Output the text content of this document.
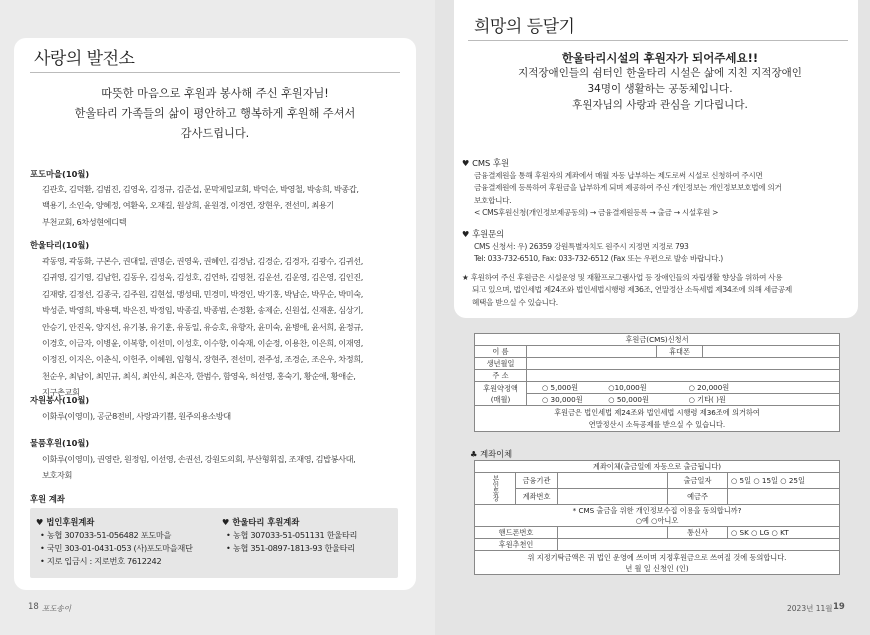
사랑의 발전소
따뜻한 마음으로 후원과 봉사해 주신 후원자님!
한울타리 가족들의 삶이 평안하고 행복하게 후원해 주셔서
감사드립니다.
포도마을(10월)
김관호, 김덕환, 김범진, 김영욱, 김정규, 김준섭, 문막제일교회, 박덕순, 박영철, 박송희, 박종갑,
백용기, 소인숙, 양혜정, 여환욱, 오재길, 원상희, 윤원경, 이경연, 장현우, 전선미, 최용기
부천교회, 6차성현에디텍
한울타리(10월)
곽동영, 곽동화, 구본수, 권대일, 권명순, 권영욱, 권혜인, 김경남, 김경순, 김경자, 김광수, 김귀선,
김귀영, 김기영, 김남헌, 김동우, 김성욱, 김성호, 김연하, 김영천, 김운선, 김운영, 김은영, 김인진,
김재량, 김정선, 김종국, 김주원, 김현섭, 맹성태, 민경미, 박경인, 박기홍, 박남순, 박무순, 박미숙,
박성준, 박영희, 박용택, 박은진, 박정임, 박종길, 박종범, 손정환, 송제순, 신원섭, 신재훈, 심상기,
안승기, 안진욱, 양지선, 유기봉, 유기훈, 유동일, 유승호, 유향자, 윤미숙, 윤병애, 윤서희, 윤정규,
이경호, 이금자, 이병윤, 이복향, 이선미, 이성호, 이수향, 이숙재, 이순정, 이용찬, 이은희, 이재영,
이정진, 이지은, 이춘식, 이헌주, 이혜원, 임형식, 장현주, 전선미, 전주성, 조경순, 조은우, 차정희,
천순우, 최남이, 최민규, 최식, 최안식, 최은자, 한범수, 함영욱, 허선영, 홍숙기, 황순애, 황애순,
지구촌교회
자원봉사(10월)
이화루(이영미), 공군8전비, 사랑과기쁨, 원주의용소방대
물품후원(10월)
이화루(이영미), 권영란, 원정임, 이선영, 손권선, 강원도의회, 부산형휘집, 조재영, 김밥봉사대,
보호자회
후원 계좌
♥ 법인후원계좌
• 농협 307033-51-056482 포도마을
• 국민 303-01-0431-053 (사)포도마을재단
• 지로 입금시 : 지로번호 7612242
♥ 한울타리 후원계좌
• 농협 307033-51-051131 한울타리
• 농협 351-0897-1813-93 한울타리
18 포도송이
희망의 등달기
한울타리시설의 후원자가 되어주세요!!
지적장애인들의 쉼터인 한울타리 시설은 삶에 지친 지적장애인
34명이 생활하는 공동체입니다.
후원자님의 사랑과 관심을 기다립니다.
♥ CMS 후원
금융결제원을 통해 후원자의 계좌에서 매월 자동 납부하는 제도로써 시설로 신청하여 주시면
금융결제원에 등록하여 후원금을 납부하게 되며 제공하여 주신 개인정보는 개인정보보호법에 의거
보호합니다.
< CMS후원신청(개인정보제공동의) → 금융결제원등록 → 출금 → 시설후원 >
♥ 후원문의
CMS 신청서: 우) 26359 강원특별자치도 원주시 지정면 지정로 793
Tel: 033-732-6510, Fax: 033-732-6512 (Fax 또는 우편으로 발송 바랍니다.)
★ 후원하여 주신 후원금은 시설운영 및 재활프로그램사업 등 장애인들의 자립생활 향상을 위하여 사용
되고 있으며, 법인세법 제24조와 법인세법시행령 제36조, 연말정산 소득세법 제34조에 의해 세금공제
혜택을 받으실 수 있습니다.
후원금(CMS)신청서			
이 름		휴대폰	
생년월일			
주 소			

후원약정액
(매월)	○ 5,000원 ○10,000원 ○ 20,000원		
	○ 30,000원 ○ 50,000원 ○ 기타( )원		

후원금은 법인세법 제24조와 법인세법 시행령 제36조에 의거하여
연말정산시 소득공제를 받으실 수 있습니다.			
♣ 계좌이체
계좌이체(출금일에 자동으로 출금됩니다)				
본인통장	금융기관		출금일자	○ 5일 ○ 15일 ○ 25일
	계좌번호		예금주	

* CMS 출금을 위한 개인정보수집 이용을 동의합니까?
○예 ○아니오				

핸드폰번호			통신사	○ SK ○ LG ○ KT
후원추천인				

위 지정기탁금액은 귀 법인 운영에 쓰이며 지정후원금으로 쓰여질 것에 동의합니다.
년 월 일 신청인 (인)				
2023년 11월 19
